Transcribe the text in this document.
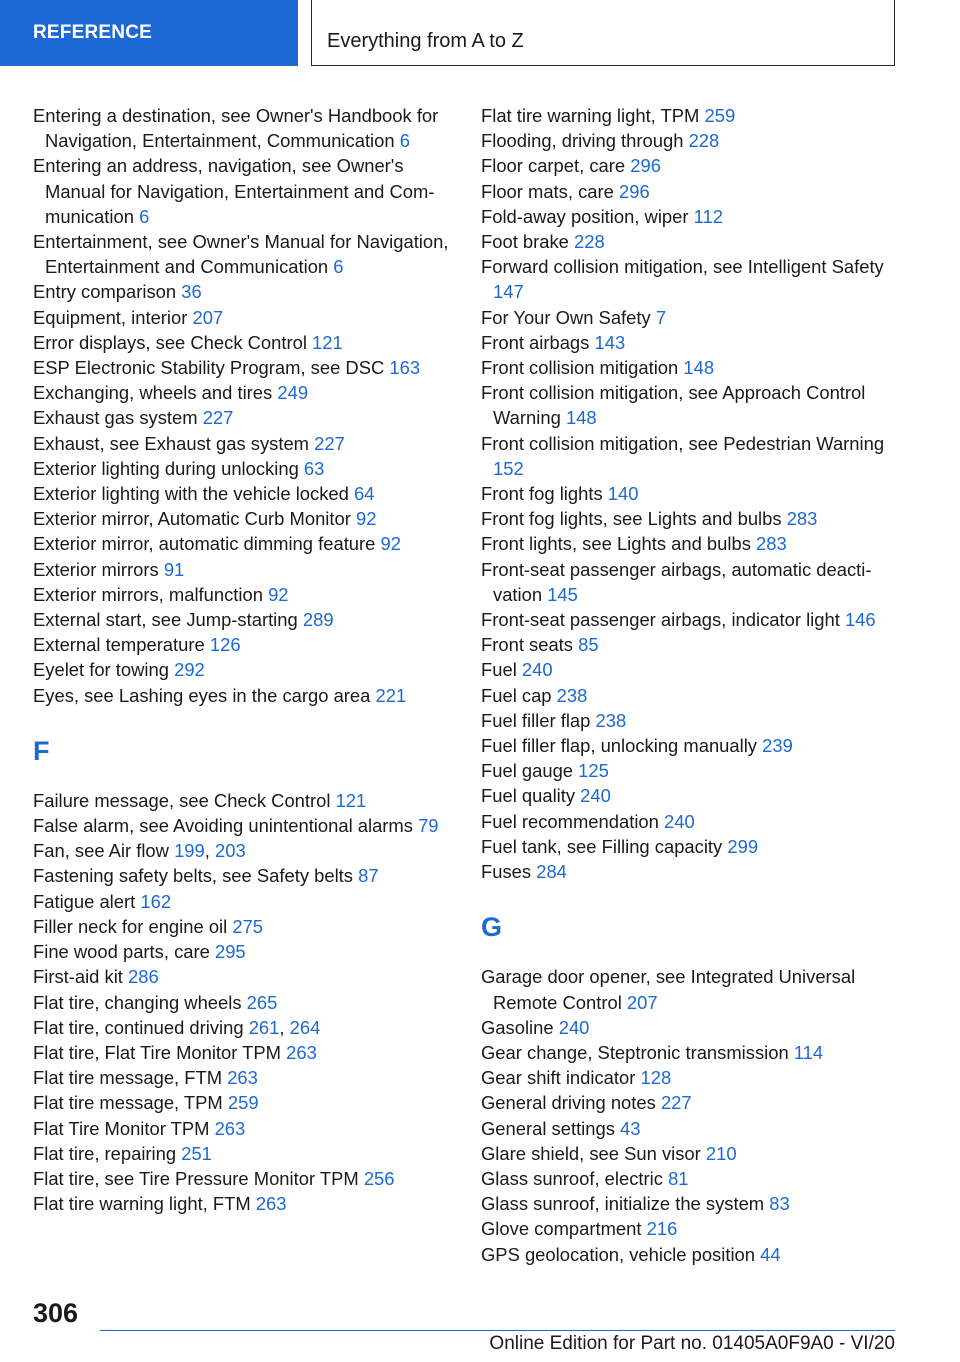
REFERENCE	Everything from A to Z
Entering a destination, see Owner's Handbook for Navigation, Entertainment, Communication 6
Entering an address, navigation, see Owner's Manual for Navigation, Entertainment and Communication 6
Entertainment, see Owner's Manual for Navigation, Entertainment and Communication 6
Entry comparison 36
Equipment, interior 207
Error displays, see Check Control 121
ESP Electronic Stability Program, see DSC 163
Exchanging, wheels and tires 249
Exhaust gas system 227
Exhaust, see Exhaust gas system 227
Exterior lighting during unlocking 63
Exterior lighting with the vehicle locked 64
Exterior mirror, Automatic Curb Monitor 92
Exterior mirror, automatic dimming feature 92
Exterior mirrors 91
Exterior mirrors, malfunction 92
External start, see Jump-starting 289
External temperature 126
Eyelet for towing 292
Eyes, see Lashing eyes in the cargo area 221
F
Failure message, see Check Control 121
False alarm, see Avoiding unintentional alarms 79
Fan, see Air flow 199, 203
Fastening safety belts, see Safety belts 87
Fatigue alert 162
Filler neck for engine oil 275
Fine wood parts, care 295
First-aid kit 286
Flat tire, changing wheels 265
Flat tire, continued driving 261, 264
Flat tire, Flat Tire Monitor TPM 263
Flat tire message, FTM 263
Flat tire message, TPM 259
Flat Tire Monitor TPM 263
Flat tire, repairing 251
Flat tire, see Tire Pressure Monitor TPM 256
Flat tire warning light, FTM 263
Flat tire warning light, TPM 259
Flooding, driving through 228
Floor carpet, care 296
Floor mats, care 296
Fold-away position, wiper 112
Foot brake 228
Forward collision mitigation, see Intelligent Safety 147
For Your Own Safety 7
Front airbags 143
Front collision mitigation 148
Front collision mitigation, see Approach Control Warning 148
Front collision mitigation, see Pedestrian Warning 152
Front fog lights 140
Front fog lights, see Lights and bulbs 283
Front lights, see Lights and bulbs 283
Front-seat passenger airbags, automatic deactivation 145
Front-seat passenger airbags, indicator light 146
Front seats 85
Fuel 240
Fuel cap 238
Fuel filler flap 238
Fuel filler flap, unlocking manually 239
Fuel gauge 125
Fuel quality 240
Fuel recommendation 240
Fuel tank, see Filling capacity 299
Fuses 284
G
Garage door opener, see Integrated Universal Remote Control 207
Gasoline 240
Gear change, Steptronic transmission 114
Gear shift indicator 128
General driving notes 227
General settings 43
Glare shield, see Sun visor 210
Glass sunroof, electric 81
Glass sunroof, initialize the system 83
Glove compartment 216
GPS geolocation, vehicle position 44
306
Online Edition for Part no. 01405A0F9A0 - VI/20
